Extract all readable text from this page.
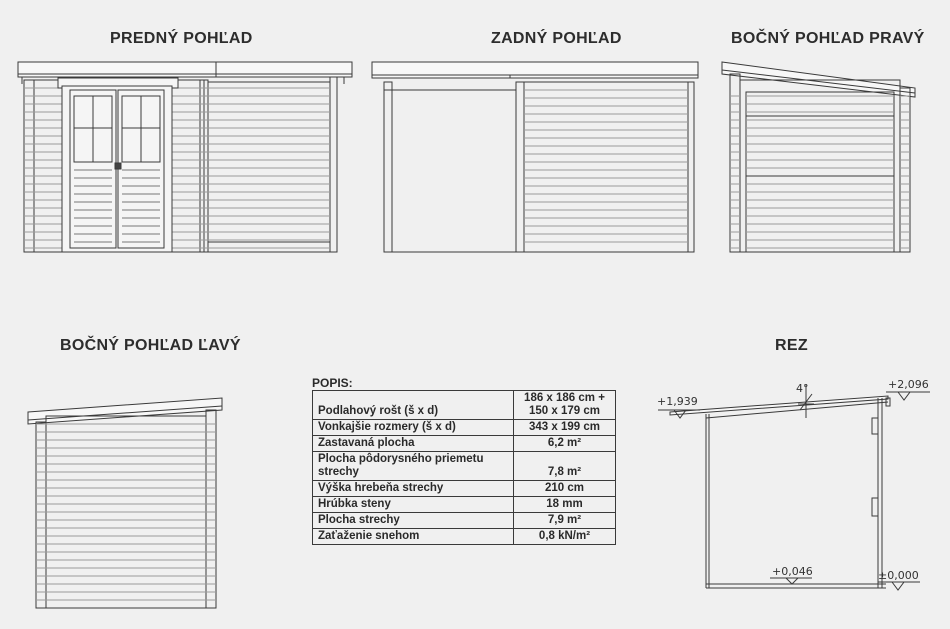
PREDNÝ POHĽAD	ZADNÝ POHĽAD	BOČNÝ POHĽAD PRAVÝ
BOČNÝ POHĽAD ĽAVÝ	REZ
POPIS:
Podlahový rošt (š x d)	186 x 186 cm +
150 x 179 cm
Vonkajšie rozmery (š x d)	343 x 199 cm
Zastavaná plocha	6,2 m²
Plocha pôdorysného priemetu strechy	7,8 m²
Výška hrebeňa strechy	210 cm
Hrúbka steny	18 mm
Plocha strechy	7,9 m²
Zaťaženie snehom	0,8 kN/m²
4°
+1,939
+2,096
+0,046	±0,000
